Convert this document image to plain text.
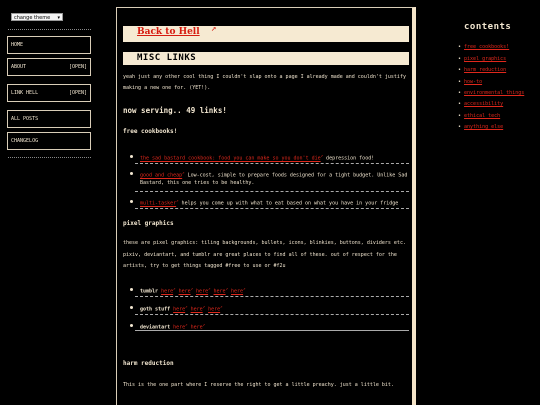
change theme (wip)
▾
HOME
ABOUT	[OPEN]
LINK HELL	[OPEN]
ALL POSTS
CHANGELOG
Back to Hell ↗
MISC LINKS
yeah just any other cool thing I couldn't slap onto a page I already made and couldn't justify
making a new one for. (YET!).
now serving.. 49 links!
free cookbooks!
the sad bastard cookbook: food you can make so you don't die↗ depression food!
good and cheap↗ Low-cost, simple to prepare foods designed for a tight budget. Unlike Sad
Bastard, this one tries to be healthy.
multi-tasker↗ helps you come up with what to eat based on what you have in your fridge
pixel graphics
these are pixel graphics: tiling backgrounds, bullets, icons, blinkies, buttons, dividers etc.
pixiv, deviantart, and tumblr are great places to find all of these. out of respect for the
artists, try to get things tagged #free to use or #f2u
tumblr here↗ here↗ here↗ here↗ here↗
goth stuff here↗ here↗ here↗
deviantart here↗ here↗
harm reduction
This is the one part where I reserve the right to get a little preachy. just a little bit.
contents
• free cookbooks!
• pixel graphics
• harm reduction
• how-to
• environmental things
• accessibility
• ethical tech
• anything else
